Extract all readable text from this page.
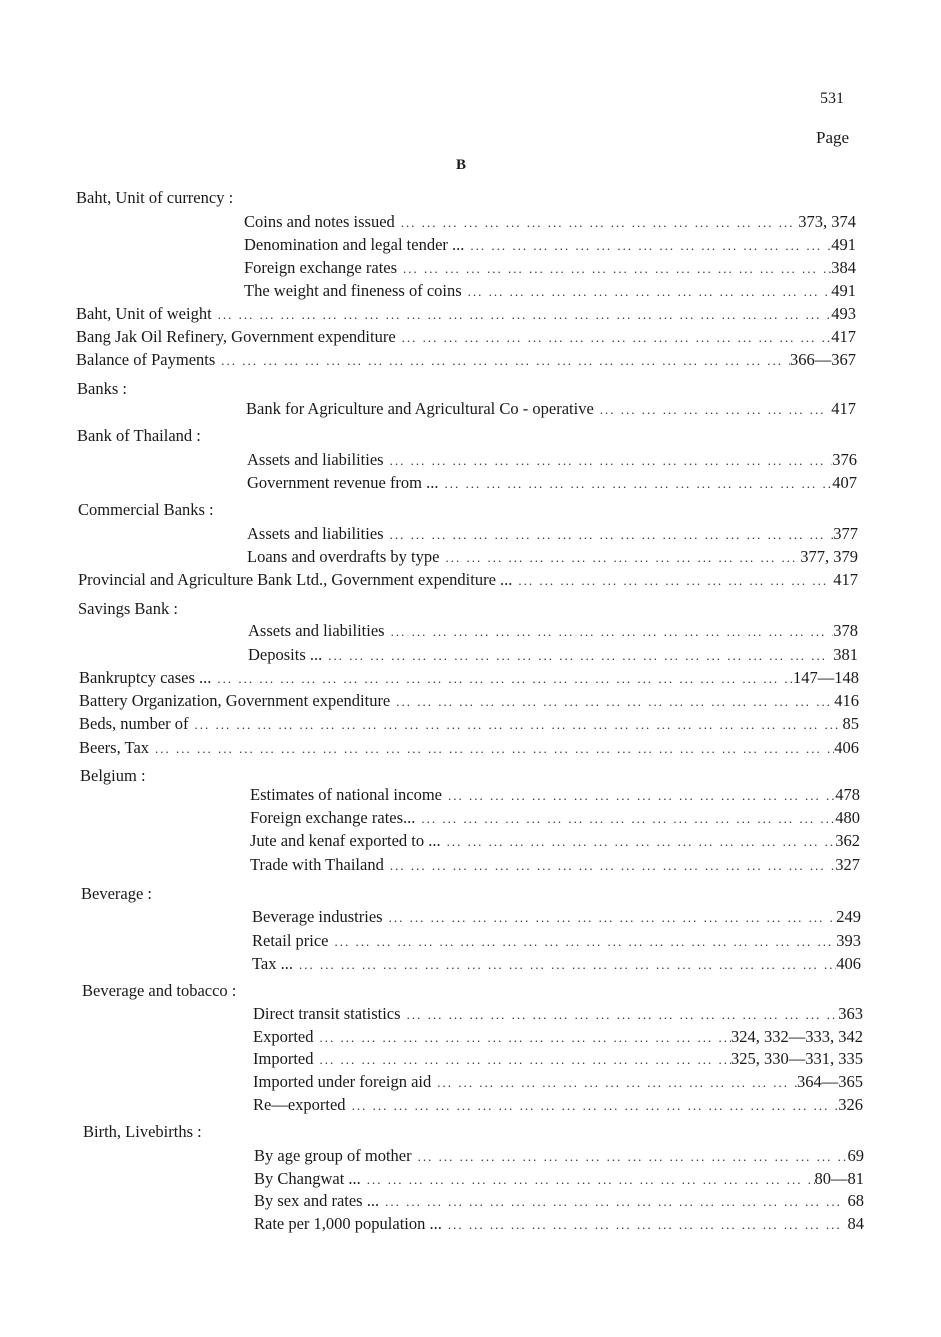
531
Page
B
Baht, Unit of currency :
Coins and notes issued ... .	373, 374
Denomination and legal tender ... ... .	491
Foreign exchange rates ... .	384
The weight and fineness of coins ... .	491
Baht, Unit of weight ... .	493
Bang Jak Oil Refinery, Government expenditure ... .	417
Balance of Payments ... .	366—367
Banks :
Bank for Agriculture and Agricultural Co - operative ... .	417
Bank of Thailand :
Assets and liabilities ... .	376
Government revenue from ... ... .	407
Commercial Banks :
Assets and liabilities ... .	377
Loans and overdrafts by type ... .	377, 379
Provincial and Agriculture Bank Ltd., Government expenditure ... ... .	417
Savings Bank :
Assets and liabilities ... .	378
Deposits ... ... .	381
Bankruptcy cases ... ... .	147—148
Battery Organization, Government expenditure ... .	416
Beds, number of ... .	85
Beers, Tax ... .	406
Belgium :
Estimates of national income ... .	478
Foreign exchange rates... ... .	480
Jute and kenaf exported to ... ... .	362
Trade with Thailand ... .	327
Beverage :
Beverage industries ... .	249
Retail price ... .	393
Tax ... ... .	406
Beverage and tobacco :
Direct transit statistics ... .	363
Exported ... .	324, 332—333, 342
Imported ... .	325, 330—331, 335
Imported under foreign aid ... .	364—365
Re—exported ... .	326
Birth, Livebirths :
By age group of mother ... .	69
By Changwat ... ... .	80—81
By sex and rates ... ... .	68
Rate per 1,000 population ... ... .	84
